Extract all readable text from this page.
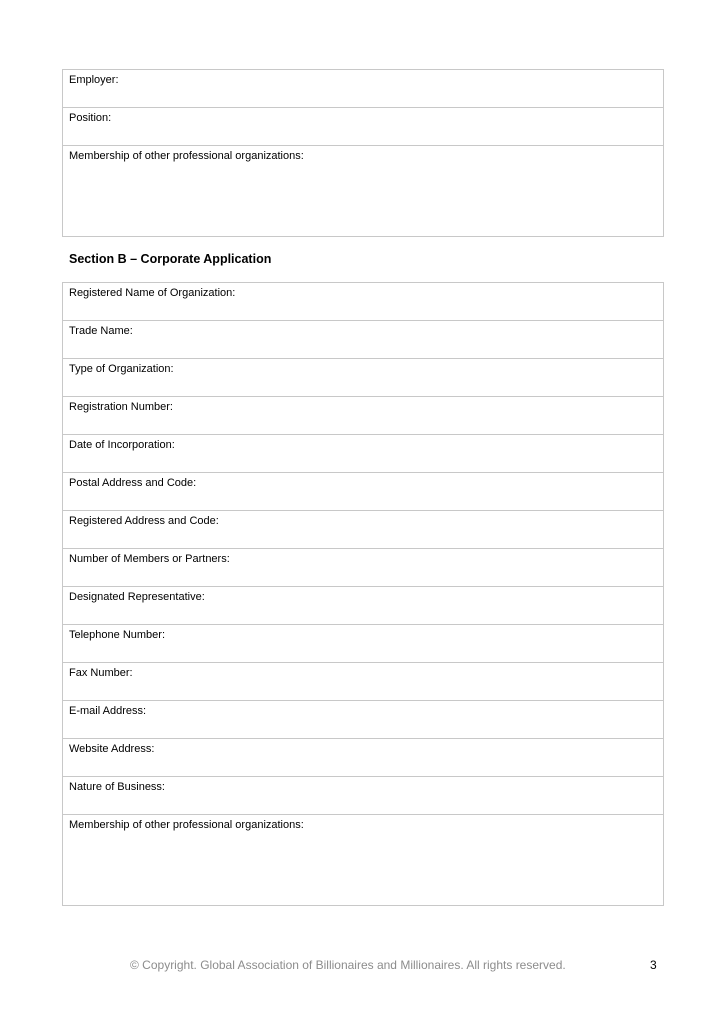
Employer:
Position:
Membership of other professional organizations:
Section B – Corporate Application
Registered Name of Organization:
Trade Name:
Type of Organization:
Registration Number:
Date of Incorporation:
Postal Address and Code:
Registered Address and Code:
Number of Members or Partners:
Designated Representative:
Telephone Number:
Fax Number:
E-mail Address:
Website Address:
Nature of Business:
Membership of other professional organizations:
© Copyright. Global Association of Billionaires and Millionaires. All rights reserved.	3
